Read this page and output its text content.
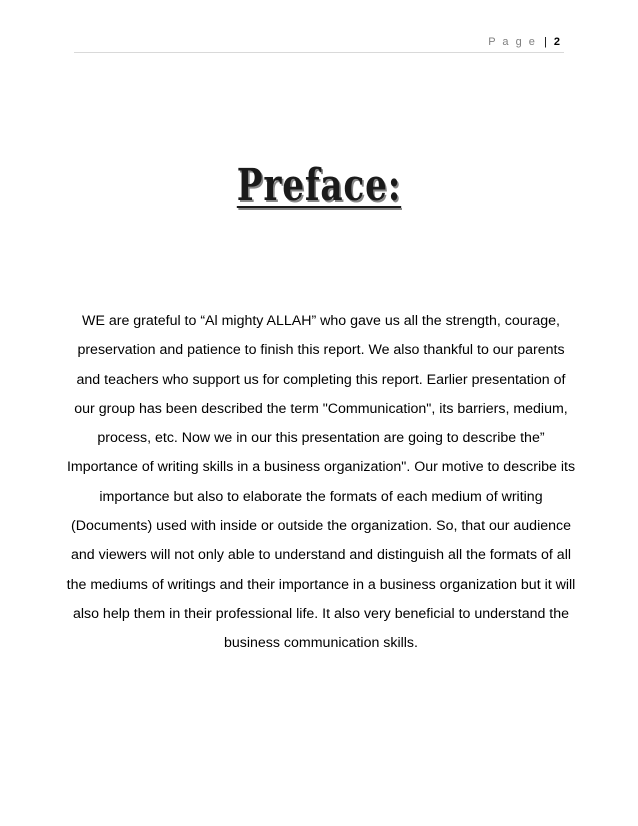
P a g e | 2
Preface:

WE are grateful to “Al mighty ALLAH” who gave us all the strength, courage, preservation and patience to finish this report. We also thankful to our parents and teachers who support us for completing this report. Earlier presentation of our group has been described the term "Communication", its barriers, medium, process, etc. Now we in our this presentation are going to describe the” Importance of writing skills in a business organization". Our motive to describe its importance but also to elaborate the formats of each medium of writing (Documents) used with inside or outside the organization. So, that our audience and viewers will not only able to understand and distinguish all the formats of all the mediums of writings and their importance in a business organization but it will also help them in their professional life. It also very beneficial to understand the business communication skills.
